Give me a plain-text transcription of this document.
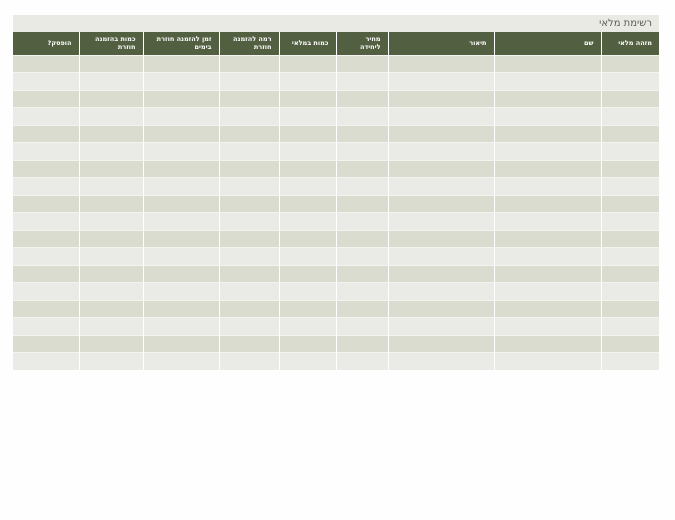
רשימת מלאי
מזהה מלאי	שם	תיאור	מחיר ליחידה	כמות במלאי	רמה להזמנה חוזרת	זמן להזמנה חוזרת בימים	כמות בהזמנה חוזרת	הופסק?
